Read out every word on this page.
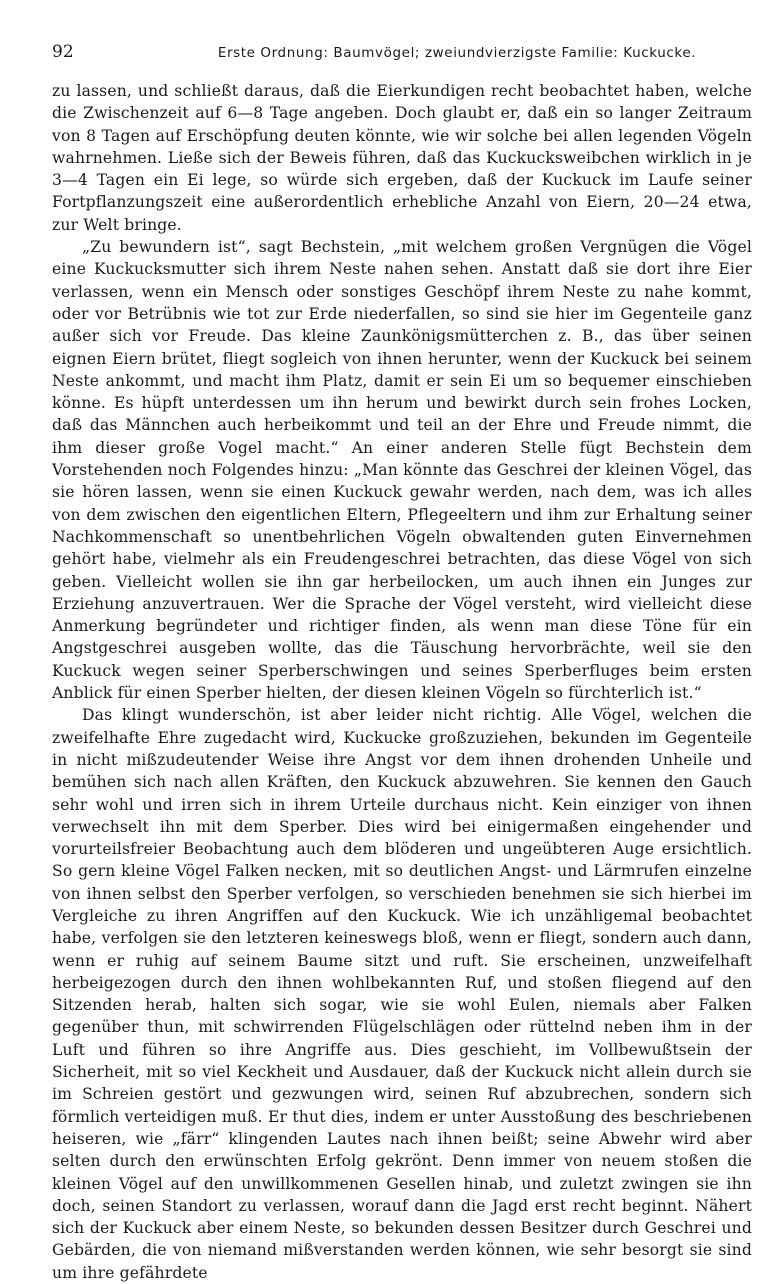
92	Erste Ordnung: Baumvögel; zweiundvierzigste Familie: Kuckucke.

zu lassen, und schließt daraus, daß die Eierkundigen recht beobachtet haben, welche die Zwischenzeit auf 6—8 Tage angeben. Doch glaubt er, daß ein so langer Zeitraum von 8 Tagen auf Erschöpfung deuten könnte, wie wir solche bei allen legenden Vögeln wahrnehmen. Ließe sich der Beweis führen, daß das Kuckucksweibchen wirklich in je 3—4 Tagen ein Ei lege, so würde sich ergeben, daß der Kuckuck im Laufe seiner Fortpflanzungszeit eine außerordentlich erhebliche Anzahl von Eiern, 20—24 etwa, zur Welt bringe.

„Zu bewundern ist“, sagt Bechstein, „mit welchem großen Vergnügen die Vögel eine Kuckucksmutter sich ihrem Neste nahen sehen. Anstatt daß sie dort ihre Eier verlassen, wenn ein Mensch oder sonstiges Geschöpf ihrem Neste zu nahe kommt, oder vor Betrübnis wie tot zur Erde niederfallen, so sind sie hier im Gegenteile ganz außer sich vor Freude. Das kleine Zaunkönigsmütterchen z. B., das über seinen eignen Eiern brütet, fliegt sogleich von ihnen herunter, wenn der Kuckuck bei seinem Neste ankommt, und macht ihm Platz, damit er sein Ei um so bequemer einschieben könne. Es hüpft unterdessen um ihn herum und bewirkt durch sein frohes Locken, daß das Männchen auch herbeikommt und teil an der Ehre und Freude nimmt, die ihm dieser große Vogel macht.“ An einer anderen Stelle fügt Bechstein dem Vorstehenden noch Folgendes hinzu: „Man könnte das Geschrei der kleinen Vögel, das sie hören lassen, wenn sie einen Kuckuck gewahr werden, nach dem, was ich alles von dem zwischen den eigentlichen Eltern, Pflegeeltern und ihm zur Erhaltung seiner Nachkommenschaft so unentbehrlichen Vögeln obwaltenden guten Einvernehmen gehört habe, vielmehr als ein Freudengeschrei betrachten, das diese Vögel von sich geben. Vielleicht wollen sie ihn gar herbeilocken, um auch ihnen ein Junges zur Erziehung anzuvertrauen. Wer die Sprache der Vögel versteht, wird vielleicht diese Anmerkung begründeter und richtiger finden, als wenn man diese Töne für ein Angstgeschrei ausgeben wollte, das die Täuschung hervorbrächte, weil sie den Kuckuck wegen seiner Sperberschwingen und seines Sperberfluges beim ersten Anblick für einen Sperber hielten, der diesen kleinen Vögeln so fürchterlich ist.“

Das klingt wunderschön, ist aber leider nicht richtig. Alle Vögel, welchen die zweifelhafte Ehre zugedacht wird, Kuckucke großzuziehen, bekunden im Gegenteile in nicht mißzudeutender Weise ihre Angst vor dem ihnen drohenden Unheile und bemühen sich nach allen Kräften, den Kuckuck abzuwehren. Sie kennen den Gauch sehr wohl und irren sich in ihrem Urteile durchaus nicht. Kein einziger von ihnen verwechselt ihn mit dem Sperber. Dies wird bei einigermaßen eingehender und vorurteilsfreier Beobachtung auch dem blöderen und ungeübteren Auge ersichtlich. So gern kleine Vögel Falken necken, mit so deutlichen Angst- und Lärmrufen einzelne von ihnen selbst den Sperber verfolgen, so verschieden benehmen sie sich hierbei im Vergleiche zu ihren Angriffen auf den Kuckuck. Wie ich unzähligemal beobachtet habe, verfolgen sie den letzteren keineswegs bloß, wenn er fliegt, sondern auch dann, wenn er ruhig auf seinem Baume sitzt und ruft. Sie erscheinen, unzweifelhaft herbeigezogen durch den ihnen wohlbekannten Ruf, und stoßen fliegend auf den Sitzenden herab, halten sich sogar, wie sie wohl Eulen, niemals aber Falken gegenüber thun, mit schwirrenden Flügelschlägen oder rüttelnd neben ihm in der Luft und führen so ihre Angriffe aus. Dies geschieht, im Vollbewußtsein der Sicherheit, mit so viel Keckheit und Ausdauer, daß der Kuckuck nicht allein durch sie im Schreien gestört und gezwungen wird, seinen Ruf abzubrechen, sondern sich förmlich verteidigen muß. Er thut dies, indem er unter Ausstoßung des beschriebenen heiseren, wie „färr“ klingenden Lautes nach ihnen beißt; seine Abwehr wird aber selten durch den erwünschten Erfolg gekrönt. Denn immer von neuem stoßen die kleinen Vögel auf den unwillkommenen Gesellen hinab, und zuletzt zwingen sie ihn doch, seinen Standort zu verlassen, worauf dann die Jagd erst recht beginnt. Nähert sich der Kuckuck aber einem Neste, so bekunden dessen Besitzer durch Geschrei und Gebärden, die von niemand mißverstanden werden können, wie sehr besorgt sie sind um ihre gefährdete
